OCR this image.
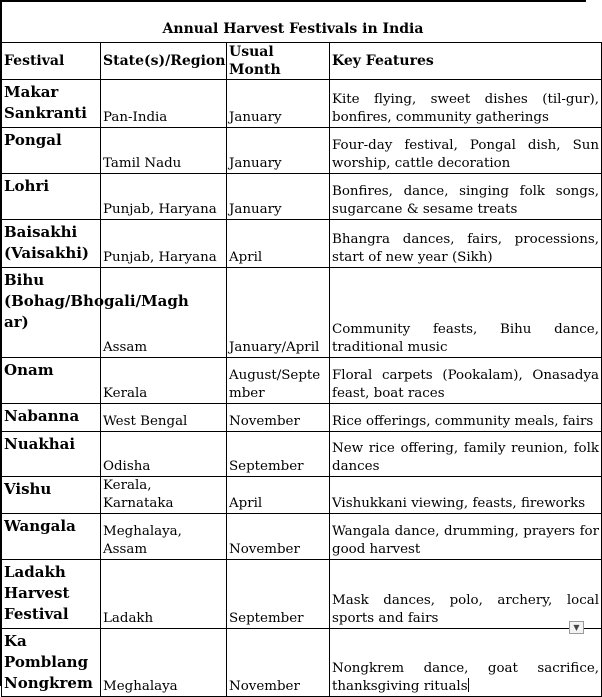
Annual Harvest Festivals in India
Festival	State(s)/Region	Usual Month	Key Features
Makar Sankranti	Pan-India	January	Kite flying, sweet dishes (til-gur), bonfires, community gatherings
Pongal	Tamil Nadu	January	Four-day festival, Pongal dish, Sun worship, cattle decoration
Lohri	Punjab, Haryana	January	Bonfires, dance, singing folk songs, sugarcane & sesame treats
Baisakhi (Vaisakhi)	Punjab, Haryana	April	Bhangra dances, fairs, processions, start of new year (Sikh)
Bihu (Bohag/Bhogali/Magh ar)	Assam	January/April	Community feasts, Bihu dance, traditional music
Onam	Kerala	August/Septe mber	Floral carpets (Pookalam), Onasadya feast, boat races
Nabanna	West Bengal	November	Rice offerings, community meals, fairs
Nuakhai	Odisha	September	New rice offering, family reunion, folk dances
Vishu	Kerala, Karnataka	April	Vishukkani viewing, feasts, fireworks
Wangala	Meghalaya, Assam	November	Wangala dance, drumming, prayers for good harvest
Ladakh Harvest Festival	Ladakh	September	Mask dances, polo, archery, local sports and fairs
Ka Pomblang Nongkrem	Meghalaya	November	Nongkrem dance, goat sacrifice, thanksgiving rituals
▼
